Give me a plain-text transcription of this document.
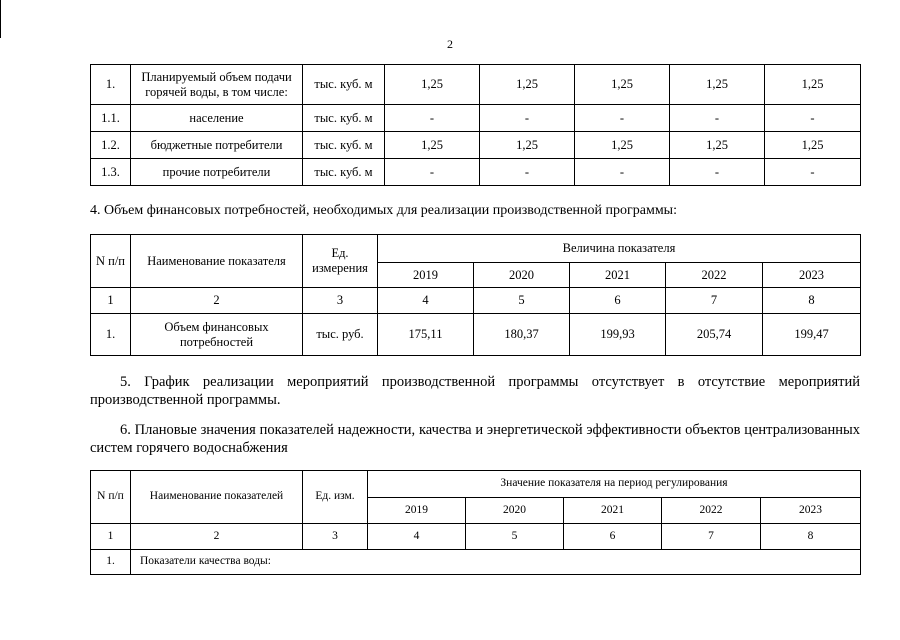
2
1.	Планируемый объем подачи горячей воды, в том числе:	тыс. куб. м	1,25	1,25	1,25	1,25	1,25
1.1.	население	тыс. куб. м	-	-	-	-	-
1.2.	бюджетные потребители	тыс. куб. м	1,25	1,25	1,25	1,25	1,25
1.3.	прочие потребители	тыс. куб. м	-	-	-	-	-
4. Объем финансовых потребностей, необходимых для реализации производственной программы:
N п/п	Наименование показателя	Ед. измерения	Величина показателя				
			2019	2020	2021	2022	2023
1	2	3	4	5	6	7	8
1.	Объем финансовых потребностей	тыс. руб.	175,11	180,37	199,93	205,74	199,47
5. График реализации мероприятий производственной программы отсутствует в отсутствие мероприятий производственной программы.
6. Плановые значения показателей надежности, качества и энергетической эффективности объектов централизованных систем горячего водоснабжения
N п/п	Наименование показателей	Ед. изм.	Значение показателя на период регулирования				
			2019	2020	2021	2022	2023
1	2	3	4	5	6	7	8
1.	Показатели качества воды:						
